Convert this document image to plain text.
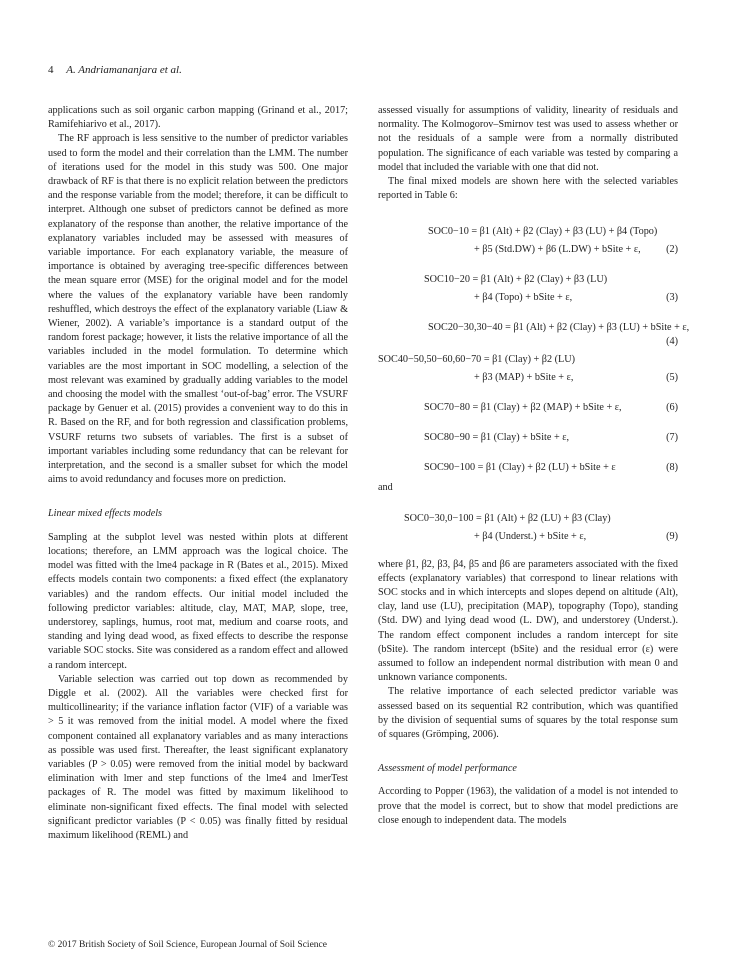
4 A. Andriamananjara et al.

applications such as soil organic carbon mapping (Grinand et al., 2017; Ramifehiarivo et al., 2017).

The RF approach is less sensitive to the number of predictor variables used to form the model and their correlation than the LMM. The number of iterations used for the model in this study was 500. One major drawback of RF is that there is no explicit relation between the predictors and the response variable from the model; therefore, it can be difficult to interpret. Although one subset of predictors cannot be defined as more explanatory of the response than another, the relative importance of the explanatory variables included may be assessed with measures of variable importance. For each explanatory variable, the measure of importance is obtained by averaging tree-specific differences between the mean square error (MSE) for the original model and for the model where the values of the explanatory variable have been randomly reshuffled, which destroys the effect of the explanatory variable (Liaw & Wiener, 2002). A variable’s importance is a standard output of the random forest package; however, it lists the relative importance of all the variables included in the model formulation. To determine which variables are the most important in SOC modelling, a selection of the most relevant was examined by gradually adding variables to the model and choosing the model with the smallest ‘out-of-bag’ error. The VSURF package by Genuer et al. (2015) provides a convenient way to do this in R. Based on the RF, and for both regression and classification problems, VSURF returns two subsets of variables. The first is a subset of important variables including some redundancy that can be relevant for interpretation, and the second is a smaller subset for which the model aims to avoid redundancy and focuses more on prediction.

Linear mixed effects models

Sampling at the subplot level was nested within plots at different locations; therefore, an LMM approach was the logical choice. The model was fitted with the lme4 package in R (Bates et al., 2015). Mixed effects models contain two components: a fixed effect (the explanatory variables) and the random effects. Our initial model included the following predictor variables: altitude, clay, MAT, MAP, slope, tree, understorey, saplings, humus, root mat, medium and coarse roots, and standing and lying dead wood, as fixed effects to describe the response variable SOC stocks. Site was considered as a random effect and allowed a random intercept.

Variable selection was carried out top down as recommended by Diggle et al. (2002). All the variables were checked first for multicollinearity; if the variance inflation factor (VIF) of a variable was > 5 it was removed from the initial model. A model where the fixed component contained all explanatory variables and as many interactions as possible was used first. Thereafter, the least significant explanatory variables (P > 0.05) were removed from the initial model by backward elimination with lmer and step functions of the lme4 and lmerTest packages of R. The model was fitted by maximum likelihood to eliminate non-significant fixed effects. The final model with selected significant predictor variables (P < 0.05) was finally fitted by residual maximum likelihood (REML) and

assessed visually for assumptions of validity, linearity of residuals and normality. The Kolmogorov–Smirnov test was used to assess whether or not the residuals of a sample were from a normally distributed population. The significance of each variable was tested by comparing a model that included the variable with one that did not.

The final mixed models are shown here with the selected variables reported in Table 6:

SOC0−10 = β1 (Alt) + β2 (Clay) + β3 (LU) + β4 (Topo)
+ β5 (Std.DW) + β6 (L.DW) + bSite + ε, (2)
SOC10−20 = β1 (Alt) + β2 (Clay) + β3 (LU)
+ β4 (Topo) + bSite + ε,	(3)
SOC20−30,30−40 = β1 (Alt) + β2 (Clay) + β3 (LU) + bSite + ε,
(4)
SOC40−50,50−60,60−70 = β1 (Clay) + β2 (LU)
+ β3 (MAP) + bSite + ε,	(5)
SOC70−80 = β1 (Clay) + β2 (MAP) + bSite + ε,	(6)
SOC80−90 = β1 (Clay) + bSite + ε,	(7)
SOC90−100 = β1 (Clay) + β2 (LU) + bSite + ε	(8)

and

SOC0−30,0−100 = β1 (Alt) + β2 (LU) + β3 (Clay)
+ β4 (Underst.) + bSite + ε,	(9)

where β1, β2, β3, β4, β5 and β6 are parameters associated with the fixed effects (explanatory variables) that correspond to linear relations with SOC stocks and in which intercepts and slopes depend on altitude (Alt), clay, land use (LU), precipitation (MAP), topography (Topo), standing (Std. DW) and lying dead wood (L. DW), and understorey (Underst.). The random effect component includes a random intercept for site (bSite). The random intercept (bSite) and the residual error (ε) were assumed to follow an independent normal distribution with mean 0 and unknown variance components.

The relative importance of each selected predictor variable was assessed based on its sequential R2 contribution, which was quantified by the division of sequential sums of squares by the total response sum of squares (Grömping, 2006).

Assessment of model performance

According to Popper (1963), the validation of a model is not intended to prove that the model is correct, but to show that model predictions are close enough to independent data. The models

© 2017 British Society of Soil Science, European Journal of Soil Science
